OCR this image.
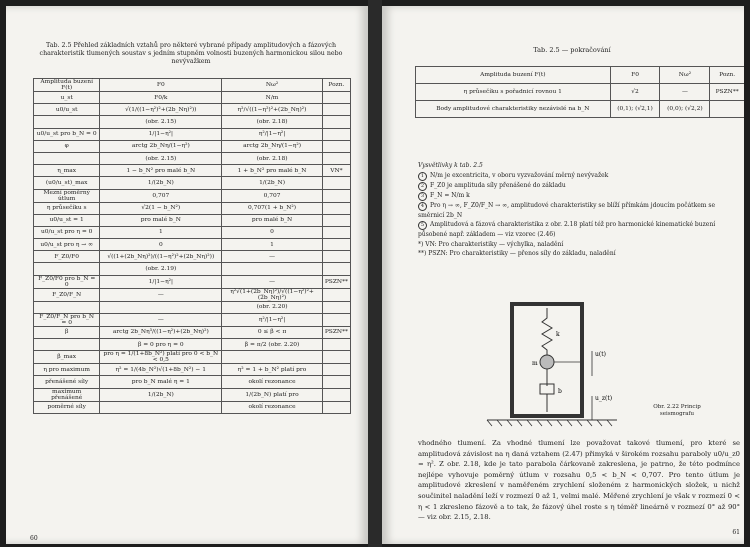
Tab. 2.5 Přehled základních vztahů pro některé vybrané případy amplitudových a fázových charakteristik tlumených soustav s jedním stupněm volnosti buzených harmonickou silou nebo nevývažkem
Amplituda buzení F(t)	F0	Nω²	Pozn.
u_st	F0/k	N/m	
u0/u_st	√(1/((1−η²)²+(2b_Nη)²))	η²/√((1−η²)²+(2b_Nη)²)	
	(obr. 2.15)	(obr. 2.18)	
u0/u_st pro b_N = 0	1/|1−η²|	η²/|1−η²|	
φ	arctg 2b_Nη/(1−η²)	arctg 2b_Nη/(1−η²)	
	(obr. 2.15)	(obr. 2.18)	
η_max	1 − b_N² pro malé b_N	1 + b_N² pro malé b_N	VN*
(u0/u_st)_max	1/(2b_N)	1/(2b_N)	
Mezní poměrný útlum	0,707	0,707	
η průsečíku s	√2(1 − b_N²)	0,707(1 + b_N²)	
u0/u_st = 1	pro malé b_N	pro malé b_N	
u0/u_st pro η = 0	1	0	
u0/u_st pro η → ∞	0	1	
F_Z0/F0	√((1+(2b_Nη)²)/((1−η²)²+(2b_Nη)²))	—	
	(obr. 2.19)		
F_Z0/F0 pro b_N = 0	1/|1−η²|	—	PSZN**
F_Z0/F_N	—	η²√(1+(2b_Nη)²)/√((1−η²)²+(2b_Nη)²)	
		(obr. 2.20)	
F_Z0/F_N pro b_N = 0	—	η²/|1−η²|	
β	arctg 2b_Nη³/((1−η²)+(2b_Nη)²)	0 ≤ β < π	PSZN**
	β = 0 pro η = 0	β = π/2 (obr. 2.20)	
β_max	pro η = 1/(1+8b_N²) platí pro 0 < b_N < 0,5		
η pro maximum	η² = 1/(4b_N²)√(1+8b_N²) − 1	η² = 1 + b_N² platí pro	
přenášené síly	pro b_N malé η = 1	okolí rezonance	
maximum přenášené	1/(2b_N)	1/(2b_N) platí pro	
poměrné síly		okolí rezonance	
60
Tab. 2.5 — pokračování
Amplituda buzení F(t)	F0	Nω²	Pozn.
η průsečíku s pořadnicí rovnou 1	√2	—	PSZN**
Body amplitudové charakteristiky nezávislé na b_N	(0,1); (√2,1)	(0,0); (√2,2)	
Vysvětlivky k tab. 2.5
1 N/m je excentricita, v oboru vyzvažování měrný nevývažek
2 F_Z0 je amplituda síly přenášené do základu
3 F_N = N/m k
4 Pro η → ∞, F_Z0/F_N → ∞, amplitudové charakteristiky se blíží přímkám jdoucím počátkem se směrnicí 2b_N
5 Amplitudová a fázová charakteristika z obr. 2.18 platí též pro harmonické kinematické buzení působené např. základem — viz vzorec (2.46)
*) VN: Pro charakteristiky — výchylka, naladění
**) PSZN: Pro charakteristiky — přenos síly do základu, naladění
k
m
b
u(t)
u_z(t)
Obr. 2.22 Princip seismografu
vhodného tlumení. Za vhodné tlumení lze považovat takové tlumení, pro které se amplitudová závislost na η daná vztahem (2.47) přimyká v širokém rozsahu paraboly u0/u_z0 = η². Z obr. 2.18, kde je tato parabola čárkovaně zakreslena, je patrno, že této podmínce nejlépe vyhovuje poměrný útlum v rozsahu 0,5 < b_N < 0,707. Pro tento útlum je amplitudové zkreslení v naměřeném zrychlení složeném z harmonických složek, u nichž součinitel naladění leží v rozmezí 0 až 1, velmi malé. Měřené zrychlení je však v rozmezí 0 < η < 1 zkresleno fázově a to tak, že fázový úhel roste s η téměř lineárně v rozmezí 0° až 90° — viz obr. 2.15, 2.18.
61
